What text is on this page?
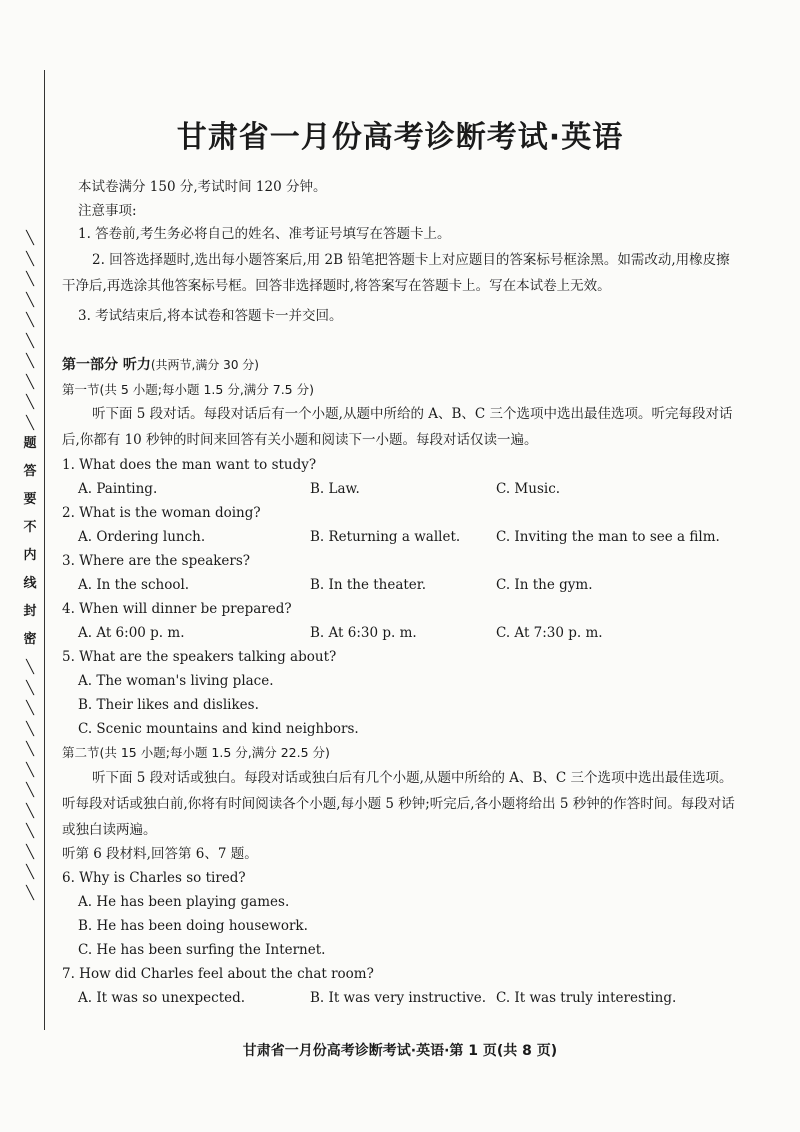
╲
╲
╲
╲
╲
╲
╲
╲
╲
╲
题
答
要
不
内
线
封
密
╲
╲
╲
╲
╲
╲
╲
╲
╲
╲
╲
╲
甘肃省一月份高考诊断考试·英语
本试卷满分 150 分,考试时间 120 分钟。
注意事项:
1. 答卷前,考生务必将自己的姓名、准考证号填写在答题卡上。
2. 回答选择题时,选出每小题答案后,用 2B 铅笔把答题卡上对应题目的答案标号框涂黑。如需改动,用橡皮擦干净后,再选涂其他答案标号框。回答非选择题时,将答案写在答题卡上。写在本试卷上无效。
3. 考试结束后,将本试卷和答题卡一并交回。
第一部分 听力(共两节,满分 30 分)
第一节(共 5 小题;每小题 1.5 分,满分 7.5 分)
听下面 5 段对话。每段对话后有一个小题,从题中所给的 A、B、C 三个选项中选出最佳选项。听完每段对话后,你都有 10 秒钟的时间来回答有关小题和阅读下一小题。每段对话仅读一遍。
1. What does the man want to study?
A. Painting.	B. Law.	C. Music.
2. What is the woman doing?
A. Ordering lunch.	B. Returning a wallet.	C. Inviting the man to see a film.
3. Where are the speakers?
A. In the school.	B. In the theater.	C. In the gym.
4. When will dinner be prepared?
A. At 6:00 p. m.	B. At 6:30 p. m.	C. At 7:30 p. m.
5. What are the speakers talking about?
A. The woman's living place.
B. Their likes and dislikes.
C. Scenic mountains and kind neighbors.
第二节(共 15 小题;每小题 1.5 分,满分 22.5 分)
听下面 5 段对话或独白。每段对话或独白后有几个小题,从题中所给的 A、B、C 三个选项中选出最佳选项。听每段对话或独白前,你将有时间阅读各个小题,每小题 5 秒钟;听完后,各小题将给出 5 秒钟的作答时间。每段对话或独白读两遍。
听第 6 段材料,回答第 6、7 题。
6. Why is Charles so tired?
A. He has been playing games.
B. He has been doing housework.
C. He has been surfing the Internet.
7. How did Charles feel about the chat room?
A. It was so unexpected.	B. It was very instructive. C. It was truly interesting.
甘肃省一月份高考诊断考试·英语·第 1 页(共 8 页)
